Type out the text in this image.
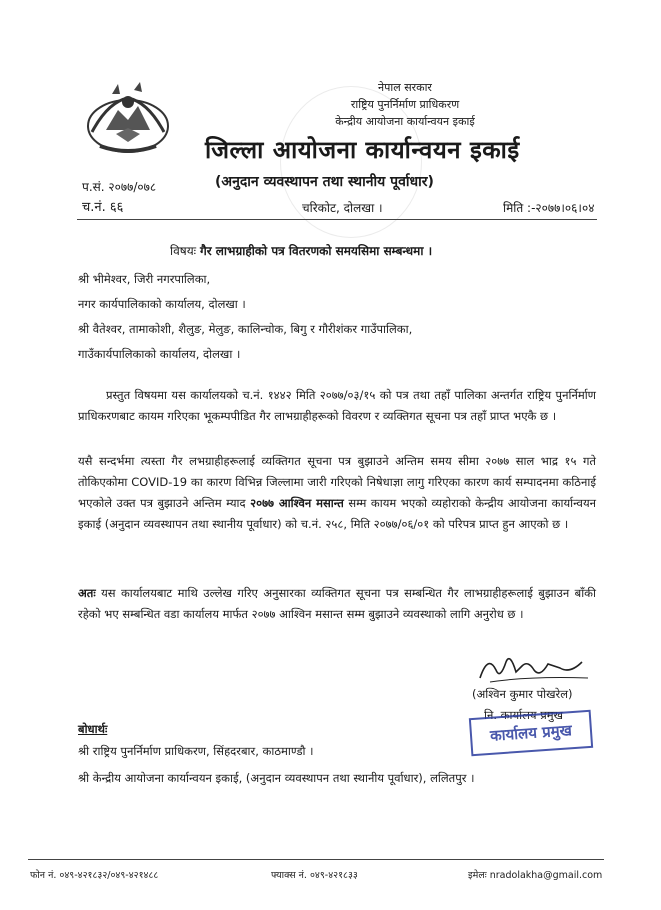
नेपाल सरकार
राष्ट्रिय पुनर्निर्माण प्राधिकरण
केन्द्रीय आयोजना कार्यान्वयन इकाई
जिल्ला आयोजना कार्यान्वयन इकाई
(अनुदान व्यवस्थापन तथा स्थानीय पूर्वाधार)
प.सं. २०७७/०७८
च.नं. ६६	चरिकोट, दोलखा ।	मिति :-२०७७।०६।०४
विषयः गैर लाभग्राहीको पत्र वितरणको समयसिमा सम्बन्धमा ।
श्री भीमेश्वर, जिरी नगरपालिका,
नगर कार्यपालिकाको कार्यालय, दोलखा ।
श्री वैतेश्वर, तामाकोशी, शैलुङ, मेलुङ, कालिन्चोक, बिगु र गौरीशंकर गाउँपालिका,
गाउँकार्यपालिकाको कार्यालय, दोलखा ।
प्रस्तुत विषयमा यस कार्यालयको च.नं. १४४२ मिति २०७७/०३/१५ को पत्र तथा तहाँ पालिका अन्तर्गत राष्ट्रिय पुनर्निर्माण प्राधिकरणबाट कायम गरिएका भूकम्पपीडित गैर लाभग्राहीहरूको विवरण र व्यक्तिगत सूचना पत्र तहाँ प्राप्त भएकै छ ।
यसै सन्दर्भमा त्यस्ता गैर लभग्राहीहरूलाई व्यक्तिगत सूचना पत्र बुझाउने अन्तिम समय सीमा २०७७ साल भाद्र १५ गते तोकिएकोमा COVID-19 का कारण विभिन्न जिल्लामा जारी गरिएको निषेधाज्ञा लागु गरिएका कारण कार्य सम्पादनमा कठिनाई भएकोले उक्त पत्र बुझाउने अन्तिम म्याद २०७७ आश्विन मसान्त सम्म कायम भएको व्यहोराको केन्द्रीय आयोजना कार्यान्वयन इकाई (अनुदान व्यवस्थापन तथा स्थानीय पूर्वाधार) को च.नं. २५८, मिति २०७७/०६/०१ को परिपत्र प्राप्त हुन आएको छ ।
अतः यस कार्यालयबाट माथि उल्लेख गरिए अनुसारका व्यक्तिगत सूचना पत्र सम्बन्धित गैर लाभग्राहीहरूलाई बुझाउन बाँकी रहेको भए सम्बन्धित वडा कार्यालय मार्फत २०७७ आश्विन मसान्त सम्म बुझाउने व्यवस्थाको लागि अनुरोध छ ।
(अश्विन कुमार पोखरेल)
नि. कार्यालय प्रमुख
कार्यालय प्रमुख
बोधार्थः
श्री राष्ट्रिय पुनर्निर्माण प्राधिकरण, सिंहदरबार, काठमाण्डौ ।
श्री केन्द्रीय आयोजना कार्यान्वयन इकाई, (अनुदान व्यवस्थापन तथा स्थानीय पूर्वाधार), ललितपुर ।
फोन नं. ०४९-४२१८३२/०४९-४२१४८८	फ्याक्स नं. ०४९-४२१८३३	इमेलः nradolakha@gmail.com
